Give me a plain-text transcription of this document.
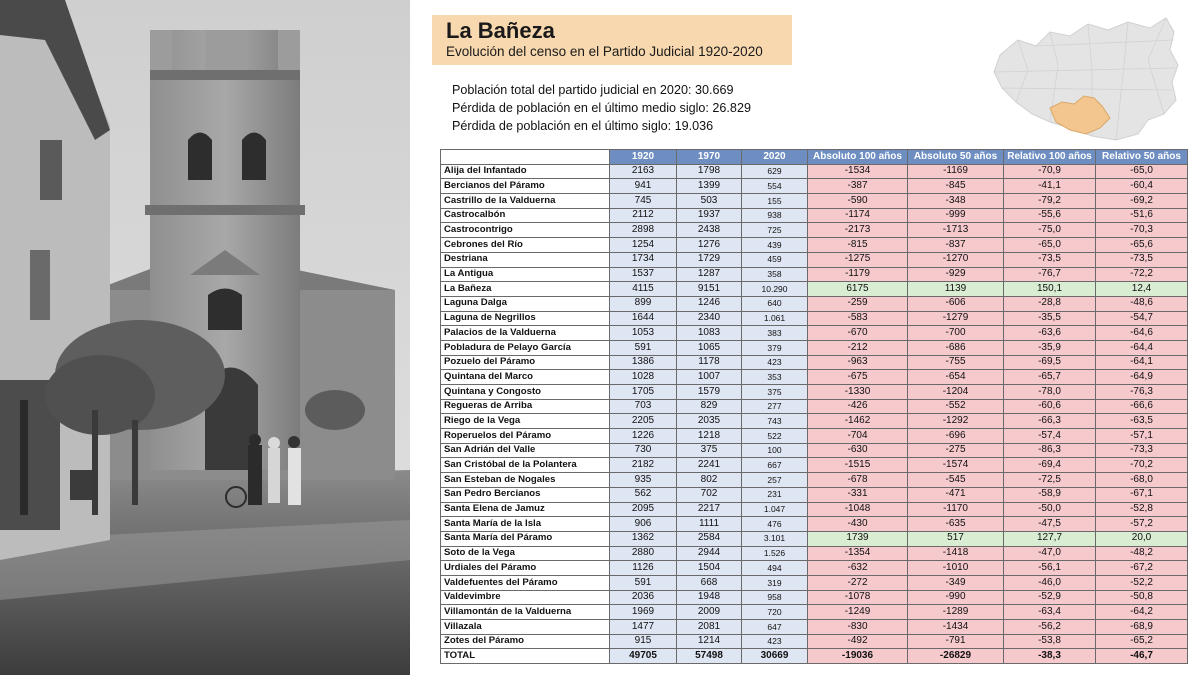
La Bañeza
Evolución del censo en el Partido Judicial 1920-2020
Población total del partido judicial en 2020: 30.669
Pérdida de población en el último medio siglo: 26.829
Pérdida de población en el último siglo: 19.036
	1920	1970	2020	Absoluto 100 años	Absoluto 50 años	Relativo 100 años	Relativo 50 años
Alija del Infantado	2163	1798	629	-1534	-1169	-70,9	-65,0
Bercianos del Páramo	941	1399	554	-387	-845	-41,1	-60,4
Castrillo de la Valduerna	745	503	155	-590	-348	-79,2	-69,2
Castrocalbón	2112	1937	938	-1174	-999	-55,6	-51,6
Castrocontrigo	2898	2438	725	-2173	-1713	-75,0	-70,3
Cebrones del Río	1254	1276	439	-815	-837	-65,0	-65,6
Destriana	1734	1729	459	-1275	-1270	-73,5	-73,5
La Antigua	1537	1287	358	-1179	-929	-76,7	-72,2
La Bañeza	4115	9151	10.290	6175	1139	150,1	12,4
Laguna Dalga	899	1246	640	-259	-606	-28,8	-48,6
Laguna de Negrillos	1644	2340	1.061	-583	-1279	-35,5	-54,7
Palacios de la Valduerna	1053	1083	383	-670	-700	-63,6	-64,6
Pobladura de Pelayo García	591	1065	379	-212	-686	-35,9	-64,4
Pozuelo del Páramo	1386	1178	423	-963	-755	-69,5	-64,1
Quintana del Marco	1028	1007	353	-675	-654	-65,7	-64,9
Quintana y Congosto	1705	1579	375	-1330	-1204	-78,0	-76,3
Regueras de Arriba	703	829	277	-426	-552	-60,6	-66,6
Riego de la Vega	2205	2035	743	-1462	-1292	-66,3	-63,5
Roperuelos del Páramo	1226	1218	522	-704	-696	-57,4	-57,1
San Adrián del Valle	730	375	100	-630	-275	-86,3	-73,3
San Cristóbal de la Polantera	2182	2241	667	-1515	-1574	-69,4	-70,2
San Esteban de Nogales	935	802	257	-678	-545	-72,5	-68,0
San Pedro Bercianos	562	702	231	-331	-471	-58,9	-67,1
Santa Elena de Jamuz	2095	2217	1.047	-1048	-1170	-50,0	-52,8
Santa María de la Isla	906	1111	476	-430	-635	-47,5	-57,2
Santa María del Páramo	1362	2584	3.101	1739	517	127,7	20,0
Soto de la Vega	2880	2944	1.526	-1354	-1418	-47,0	-48,2
Urdiales del Páramo	1126	1504	494	-632	-1010	-56,1	-67,2
Valdefuentes del Páramo	591	668	319	-272	-349	-46,0	-52,2
Valdevimbre	2036	1948	958	-1078	-990	-52,9	-50,8
Villamontán de la Valduerna	1969	2009	720	-1249	-1289	-63,4	-64,2
Villazala	1477	2081	647	-830	-1434	-56,2	-68,9
Zotes del Páramo	915	1214	423	-492	-791	-53,8	-65,2
TOTAL	49705	57498	30669	-19036	-26829	-38,3	-46,7
